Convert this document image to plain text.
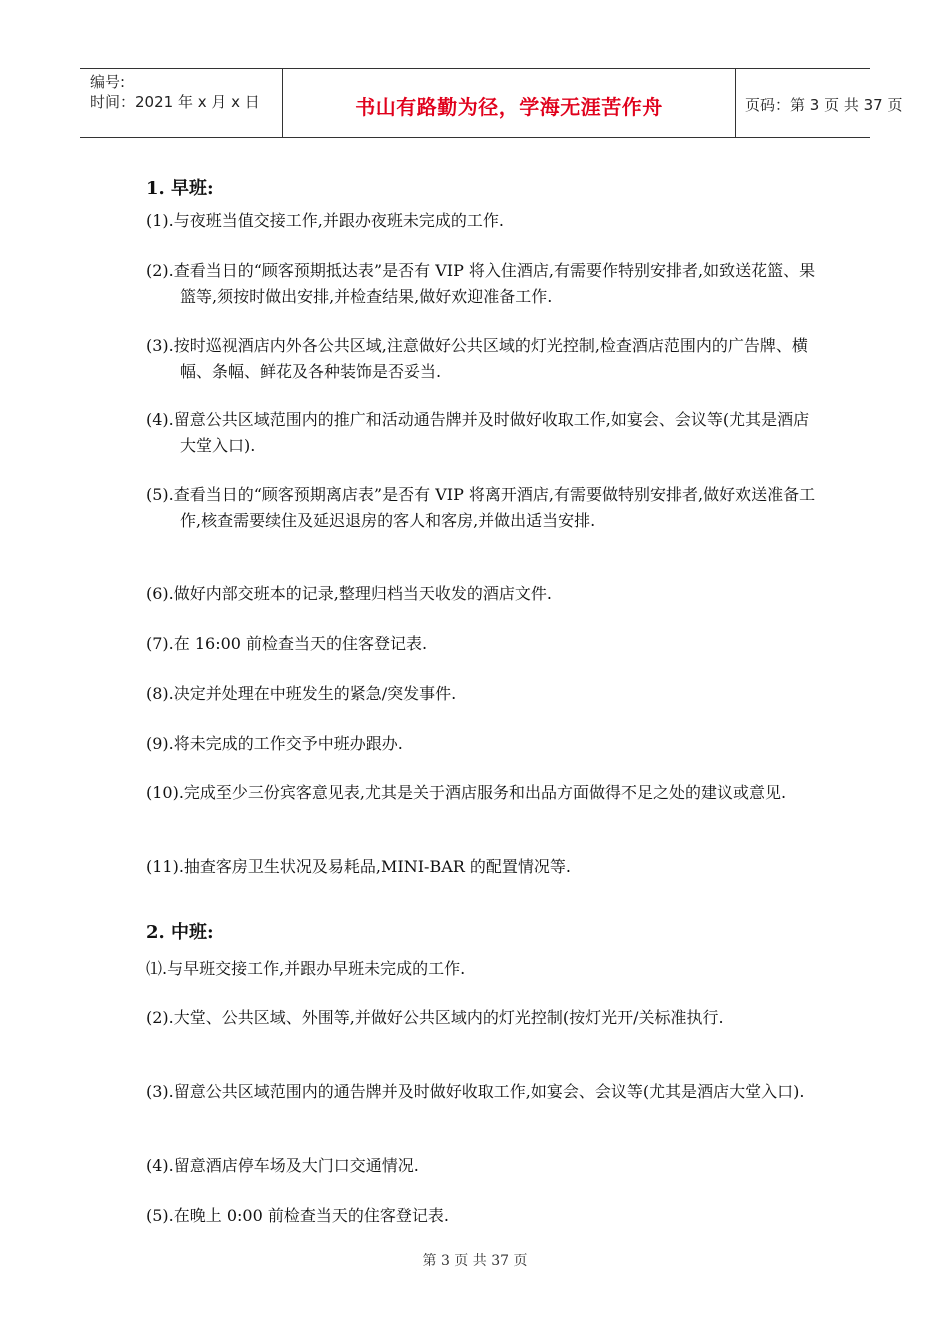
编号:
时间：2021 年 x 月 x 日	书山有路勤为径，学海无涯苦作舟	页码：第 3 页 共 37 页

1. 早班:

(1).与夜班当值交接工作,并跟办夜班未完成的工作.

(2).查看当日的“顾客预期抵达表”是否有 VIP 将入住酒店,有需要作特别安排者,如致送花篮、果篮等,须按时做出安排,并检查结果,做好欢迎准备工作.

(3).按时巡视酒店内外各公共区域,注意做好公共区域的灯光控制,检查酒店范围内的广告牌、横幅、条幅、鲜花及各种装饰是否妥当.

(4).留意公共区域范围内的推广和活动通告牌并及时做好收取工作,如宴会、会议等(尤其是酒店大堂入口).

(5).查看当日的“顾客预期离店表”是否有 VIP 将离开酒店,有需要做特别安排者,做好欢送准备工作,核查需要续住及延迟退房的客人和客房,并做出适当安排.

(6).做好内部交班本的记录,整理归档当天收发的酒店文件.

(7).在 16:00 前检查当天的住客登记表.

(8).决定并处理在中班发生的紧急/突发事件.

(9).将未完成的工作交予中班办跟办.

(10).完成至少三份宾客意见表,尤其是关于酒店服务和出品方面做得不足之处的建议或意见.

(11).抽查客房卫生状况及易耗品,MINI-BAR 的配置情况等.

2. 中班:

⑴.与早班交接工作,并跟办早班未完成的工作.

(2).大堂、公共区域、外围等,并做好公共区域内的灯光控制(按灯光开/关标准执行.

(3).留意公共区域范围内的通告牌并及时做好收取工作,如宴会、会议等(尤其是酒店大堂入口).

(4).留意酒店停车场及大门口交通情况.

(5).在晚上 0:00 前检查当天的住客登记表.

第 3 页 共 37 页
